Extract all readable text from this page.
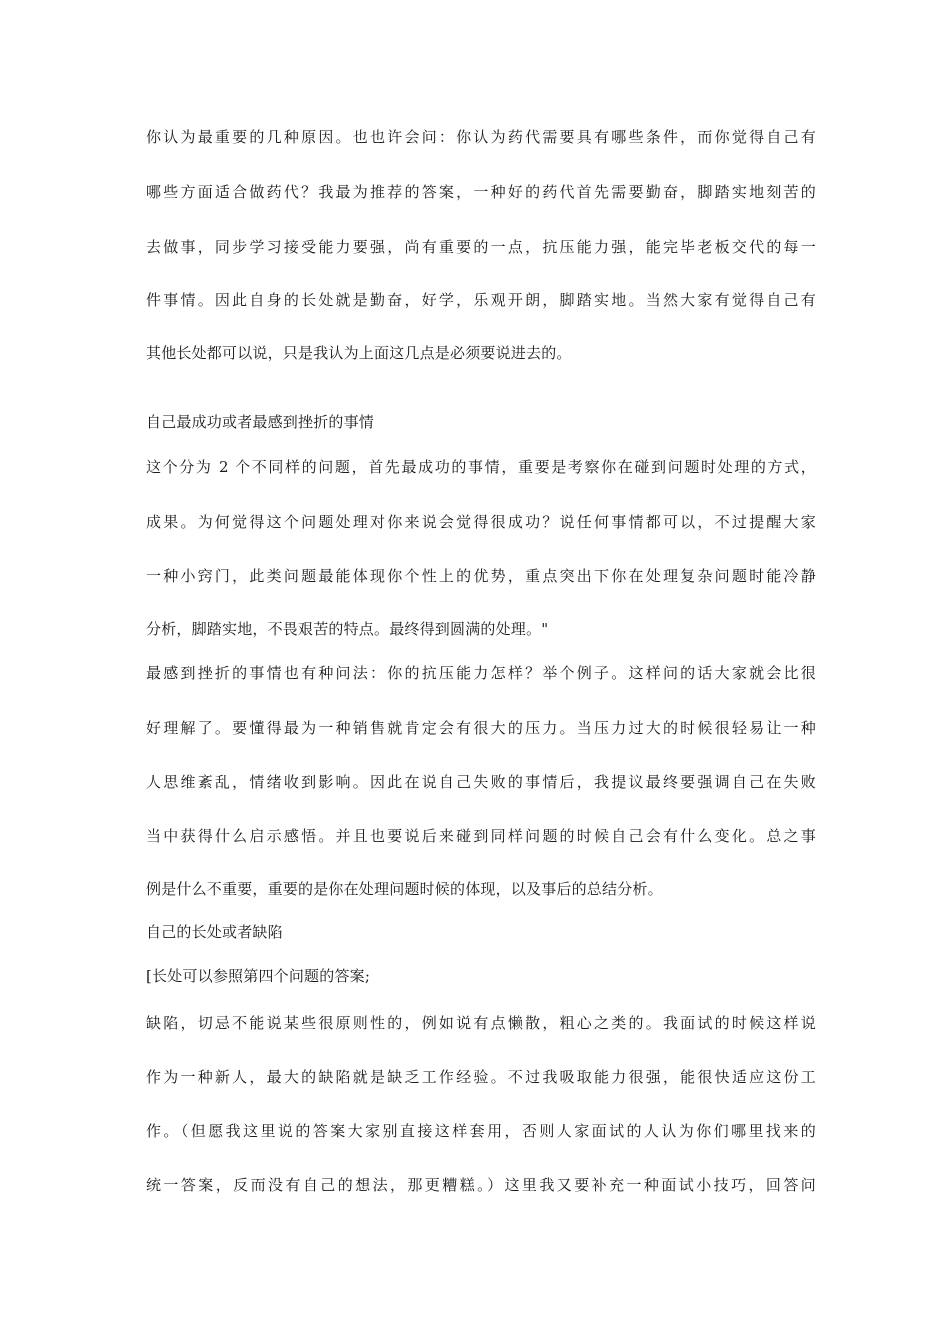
你认为最重要的几种原因。也也许会问：你认为药代需要具有哪些条件，而你觉得自己有
哪些方面适合做药代？我最为推荐的答案，一种好的药代首先需要勤奋，脚踏实地刻苦的
去做事，同步学习接受能力要强，尚有重要的一点，抗压能力强，能完毕老板交代的每一
件事情。因此自身的长处就是勤奋，好学，乐观开朗，脚踏实地。当然大家有觉得自己有
其他长处都可以说，只是我认为上面这几点是必须要说进去的。
自己最成功或者最感到挫折的事情
这个分为 2 个不同样的问题，首先最成功的事情，重要是考察你在碰到问题时处理的方式，
成果。为何觉得这个问题处理对你来说会觉得很成功？说任何事情都可以，不过提醒大家
一种小窍门，此类问题最能体现你个性上的优势，重点突出下你在处理复杂问题时能冷静
分析，脚踏实地，不畏艰苦的特点。最终得到圆满的处理。"
最感到挫折的事情也有种问法：你的抗压能力怎样？举个例子。这样问的话大家就会比很
好理解了。要懂得最为一种销售就肯定会有很大的压力。当压力过大的时候很轻易让一种
人思维紊乱，情绪收到影响。因此在说自己失败的事情后，我提议最终要强调自己在失败
当中获得什么启示感悟。并且也要说后来碰到同样问题的时候自己会有什么变化。总之事
例是什么不重要，重要的是你在处理问题时候的体现，以及事后的总结分析。
自己的长处或者缺陷
[长处可以参照第四个问题的答案;
缺陷，切忌不能说某些很原则性的，例如说有点懒散，粗心之类的。我面试的时候这样说
作为一种新人，最大的缺陷就是缺乏工作经验。不过我吸取能力很强，能很快适应这份工
作。（但愿我这里说的答案大家别直接这样套用，否则人家面试的人认为你们哪里找来的
统一答案，反而没有自己的想法，那更糟糕。）这里我又要补充一种面试小技巧，回答问
